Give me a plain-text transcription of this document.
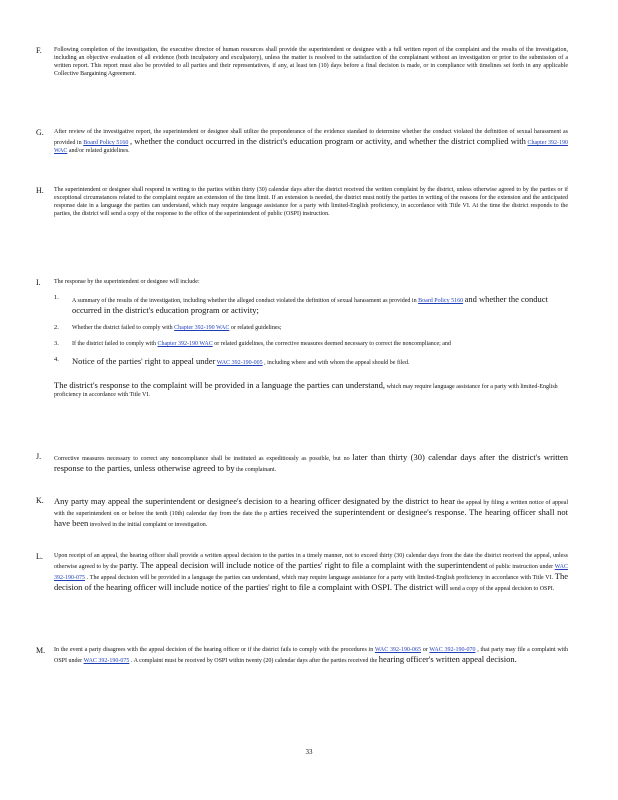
F. Following completion of the investigation, the executive director of human resources shall provide the superintendent or designee with a full written report of the complaint and the results of the investigation, including an objective evaluation of all evidence (both inculpatory and exculpatory), unless the matter is resolved to the satisfaction of the complainant without an investigation or prior to the submission of a written report. This report must also be provided to all parties and their representatives, if any, at least ten (10) days before a final decision is made, or in compliance with timelines set forth in any applicable Collective Bargaining Agreement.
G. After review of the investigative report, the superintendent or designee shall utilize the preponderance of the evidence standard to determine whether the conduct violated the definition of sexual harassment as provided in Board Policy 5160 , whether the conduct occurred in the district's education program or activity, and whether the district complied with Chapter 392-190 WAC and/or related guidelines.
H. The superintendent or designee shall respond in writing to the parties within thirty (30) calendar days after the district received the written complaint by the district, unless otherwise agreed to by the parties or if exceptional circumstances related to the complaint require an extension of the time limit. If an extension is needed, the district must notify the parties in writing of the reasons for the extension and the anticipated response date in a language the parties can understand, which may require language assistance for a party with limited-English proficiency, in accordance with Title VI. At the time the district responds to the parties, the district will send a copy of the response to the office of the superintendent of public (OSPI) instruction.
I. The response by the superintendent or designee will include:
1. A summary of the results of the investigation, including whether the alleged conduct violated the definition of sexual harassment as provided in Board Policy 5160 and whether the conduct occurred in the district's education program or activity;
2. Whether the district failed to comply with Chapter 392-190 WAC or related guidelines;
3. If the district failed to comply with Chapter 392-190 WAC or related guidelines, the corrective measures deemed necessary to correct the noncompliance; and
4. Notice of the parties' right to appeal under WAC 392-190-005 , including where and with whom the appeal should be filed.
The district's response to the complaint will be provided in a language the parties can understand, which may require language assistance for a party with limited-English proficiency in accordance with Title VI.
J. Corrective measures necessary to correct any noncompliance shall be instituted as expeditiously as possible, but no later than thirty (30) calendar days after the district's written response to the parties, unless otherwise agreed to by the complainant.
K. Any party may appeal the superintendent or designee's decision to a hearing officer designated by the district to hear the appeal by filing a written notice of appeal with the superintendent on or before the tenth (10th) calendar day from the date the p arties received the superintendent or designee's response. The hearing officer shall not have been involved in the initial complaint or investigation.
L. Upon receipt of an appeal, the hearing officer shall provide a written appeal decision to the parties in a timely manner, not to exceed thirty (30) calendar days from the date the district received the appeal, unless otherwise agreed to by the party. The appeal decision will include notice of the parties' right to file a complaint with the superintendent of public instruction under WAC 392-190-075 . The appeal decision will be provided in a language the parties can understand, which may require language assistance for a party with limited-English proficiency in accordance with Title VI. The decision of the hearing officer will include notice of the parties' right to file a complaint with OSPI. The district will send a copy of the appeal decision to OSPI.
M. In the event a party disagrees with the appeal decision of the hearing officer or if the district fails to comply with the procedures in WAC 392-190-065 or WAC 392-190-070 , that party may file a complaint with OSPI under WAC 392-190-075 . A complaint must be received by OSPI within twenty (20) calendar days after the parties received the hearing officer's written appeal decision.
33
